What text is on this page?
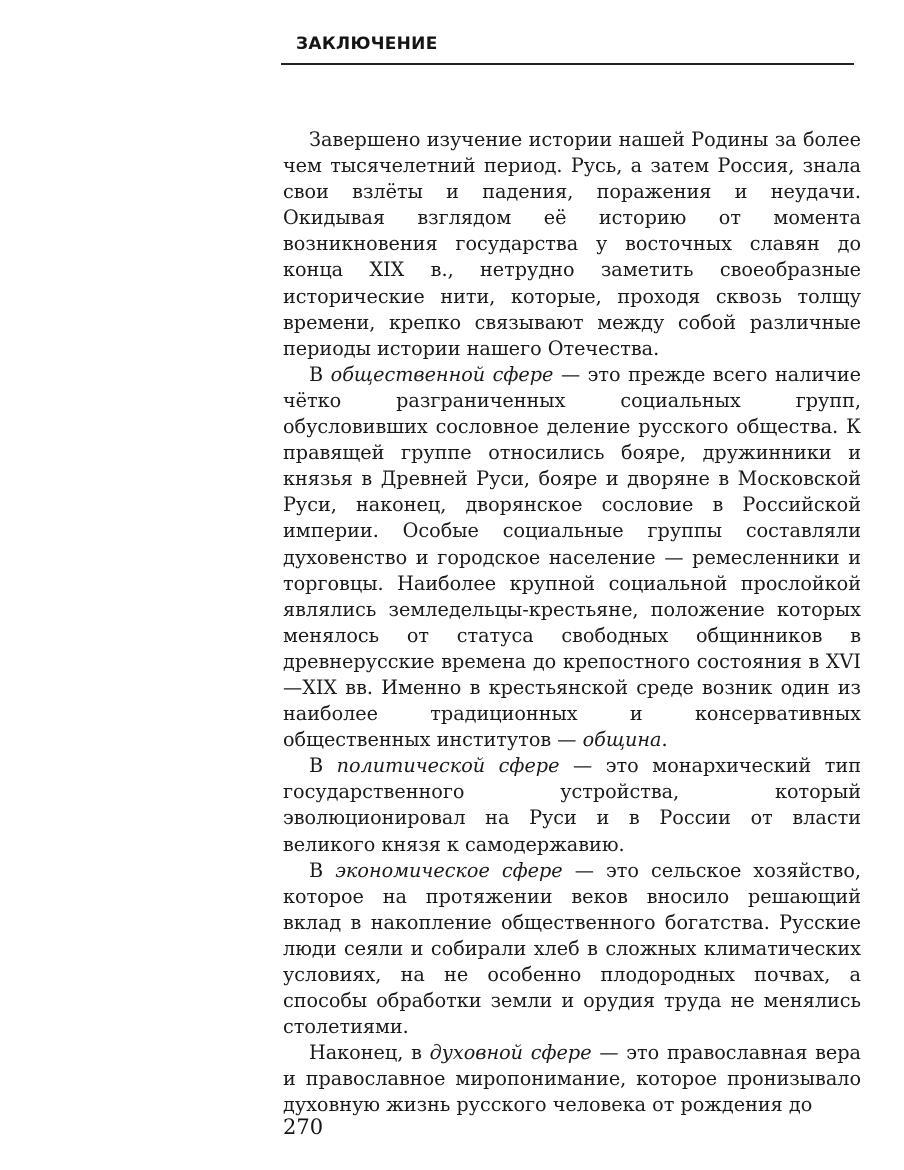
ЗАКЛЮЧЕНИЕ

Завершено изучение истории нашей Родины за более чем тысячелетний период. Русь, а затем Россия, знала свои взлёты и падения, поражения и неудачи. Окидывая взглядом её историю от момента возникновения государства у восточных славян до конца XIX в., нетрудно заметить своеобразные исторические нити, которые, проходя сквозь толщу времени, крепко связывают между собой различные периоды истории нашего Отечества.

В общественной сфере — это прежде всего наличие чётко разграниченных социальных групп, обусловивших сословное деление русского общества. К правящей группе относились бояре, дружинники и князья в Древней Руси, бояре и дворяне в Московской Руси, наконец, дворянское сословие в Российской империи. Особые социальные группы составляли духовенство и городское население — ремесленники и торговцы. Наиболее крупной социальной прослойкой являлись земледельцы-крестьяне, положение которых менялось от статуса свободных общинников в древнерусские времена до крепостного состояния в XVI—XIX вв. Именно в крестьянской среде возник один из наиболее традиционных и консервативных общественных институтов — община.

В политической сфере — это монархический тип государственного устройства, который эволюционировал на Руси и в России от власти великого князя к самодержавию.

В экономическое сфере — это сельское хозяйство, которое на протяжении веков вносило решающий вклад в накопление общественного богатства. Русские люди сеяли и собирали хлеб в сложных климатических условиях, на не особенно плодородных почвах, а способы обработки земли и орудия труда не менялись столетиями.

Наконец, в духовной сфере — это православная вера и православное миропонимание, которое пронизывало духовную жизнь русского человека от рождения до

270
